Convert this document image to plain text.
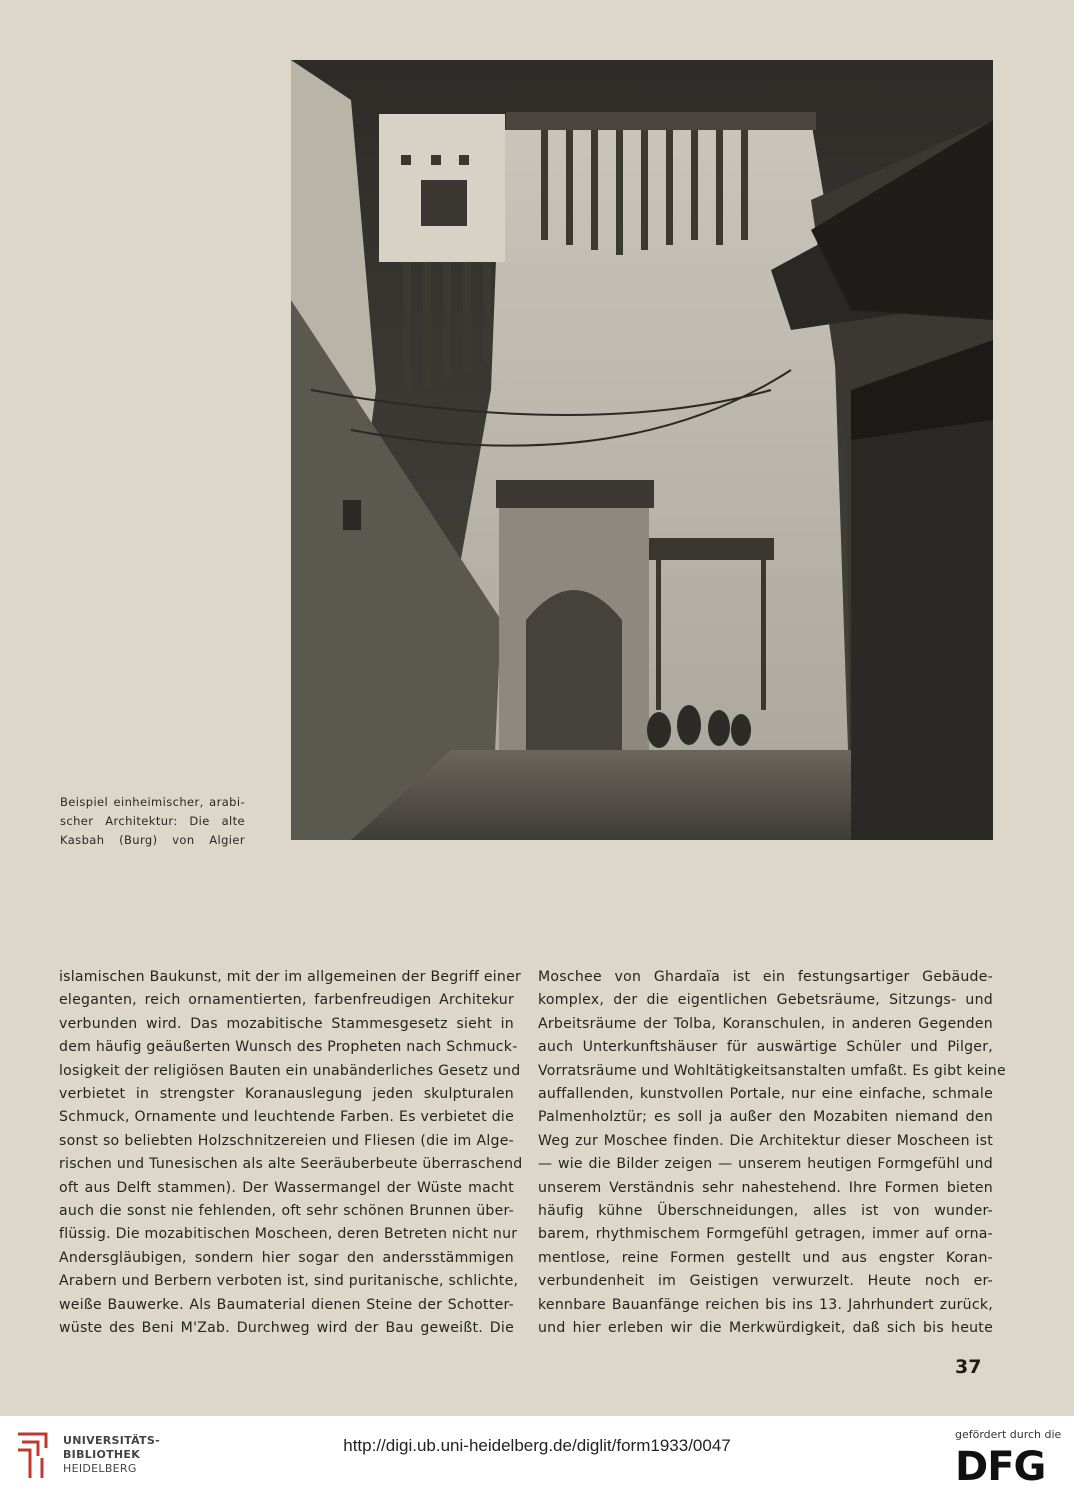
Beispiel einheimischer, arabi-
scher Architektur: Die alte
Kasbah (Burg) von Algier
islamischen Baukunst, mit der im allgemeinen der Begriff einer
eleganten, reich ornamentierten, farbenfreudigen Architekur
verbunden wird. Das mozabitische Stammesgesetz sieht in
dem häufig geäußerten Wunsch des Propheten nach Schmuck-
losigkeit der religiösen Bauten ein unabänderliches Gesetz und
verbietet in strengster Koranauslegung jeden skulpturalen
Schmuck, Ornamente und leuchtende Farben. Es verbietet die
sonst so beliebten Holzschnitzereien und Fliesen (die im Alge-
rischen und Tunesischen als alte Seeräuberbeute überraschend
oft aus Delft stammen). Der Wassermangel der Wüste macht
auch die sonst nie fehlenden, oft sehr schönen Brunnen über-
flüssig. Die mozabitischen Moscheen, deren Betreten nicht nur
Andersgläubigen, sondern hier sogar den andersstämmigen
Arabern und Berbern verboten ist, sind puritanische, schlichte,
weiße Bauwerke. Als Baumaterial dienen Steine der Schotter-
wüste des Beni M'Zab. Durchweg wird der Bau geweißt. Die
Moschee von Ghardaïa ist ein festungsartiger Gebäude-
komplex, der die eigentlichen Gebetsräume, Sitzungs- und
Arbeitsräume der Tolba, Koranschulen, in anderen Gegenden
auch Unterkunftshäuser für auswärtige Schüler und Pilger,
Vorratsräume und Wohltätigkeitsanstalten umfaßt. Es gibt keine
auffallenden, kunstvollen Portale, nur eine einfache, schmale
Palmenholztür; es soll ja außer den Mozabiten niemand den
Weg zur Moschee finden. Die Architektur dieser Moscheen ist
— wie die Bilder zeigen — unserem heutigen Formgefühl und
unserem Verständnis sehr nahestehend. Ihre Formen bieten
häufig kühne Überschneidungen, alles ist von wunder-
barem, rhythmischem Formgefühl getragen, immer auf orna-
mentlose, reine Formen gestellt und aus engster Koran-
verbundenheit im Geistigen verwurzelt. Heute noch er-
kennbare Bauanfänge reichen bis ins 13. Jahrhundert zurück,
und hier erleben wir die Merkwürdigkeit, daß sich bis heute
37
UNIVERSITÄTS-
BIBLIOTHEK
HEIDELBERG
http://digi.ub.uni-heidelberg.de/diglit/form1933/0047
gefördert durch die
DFG
